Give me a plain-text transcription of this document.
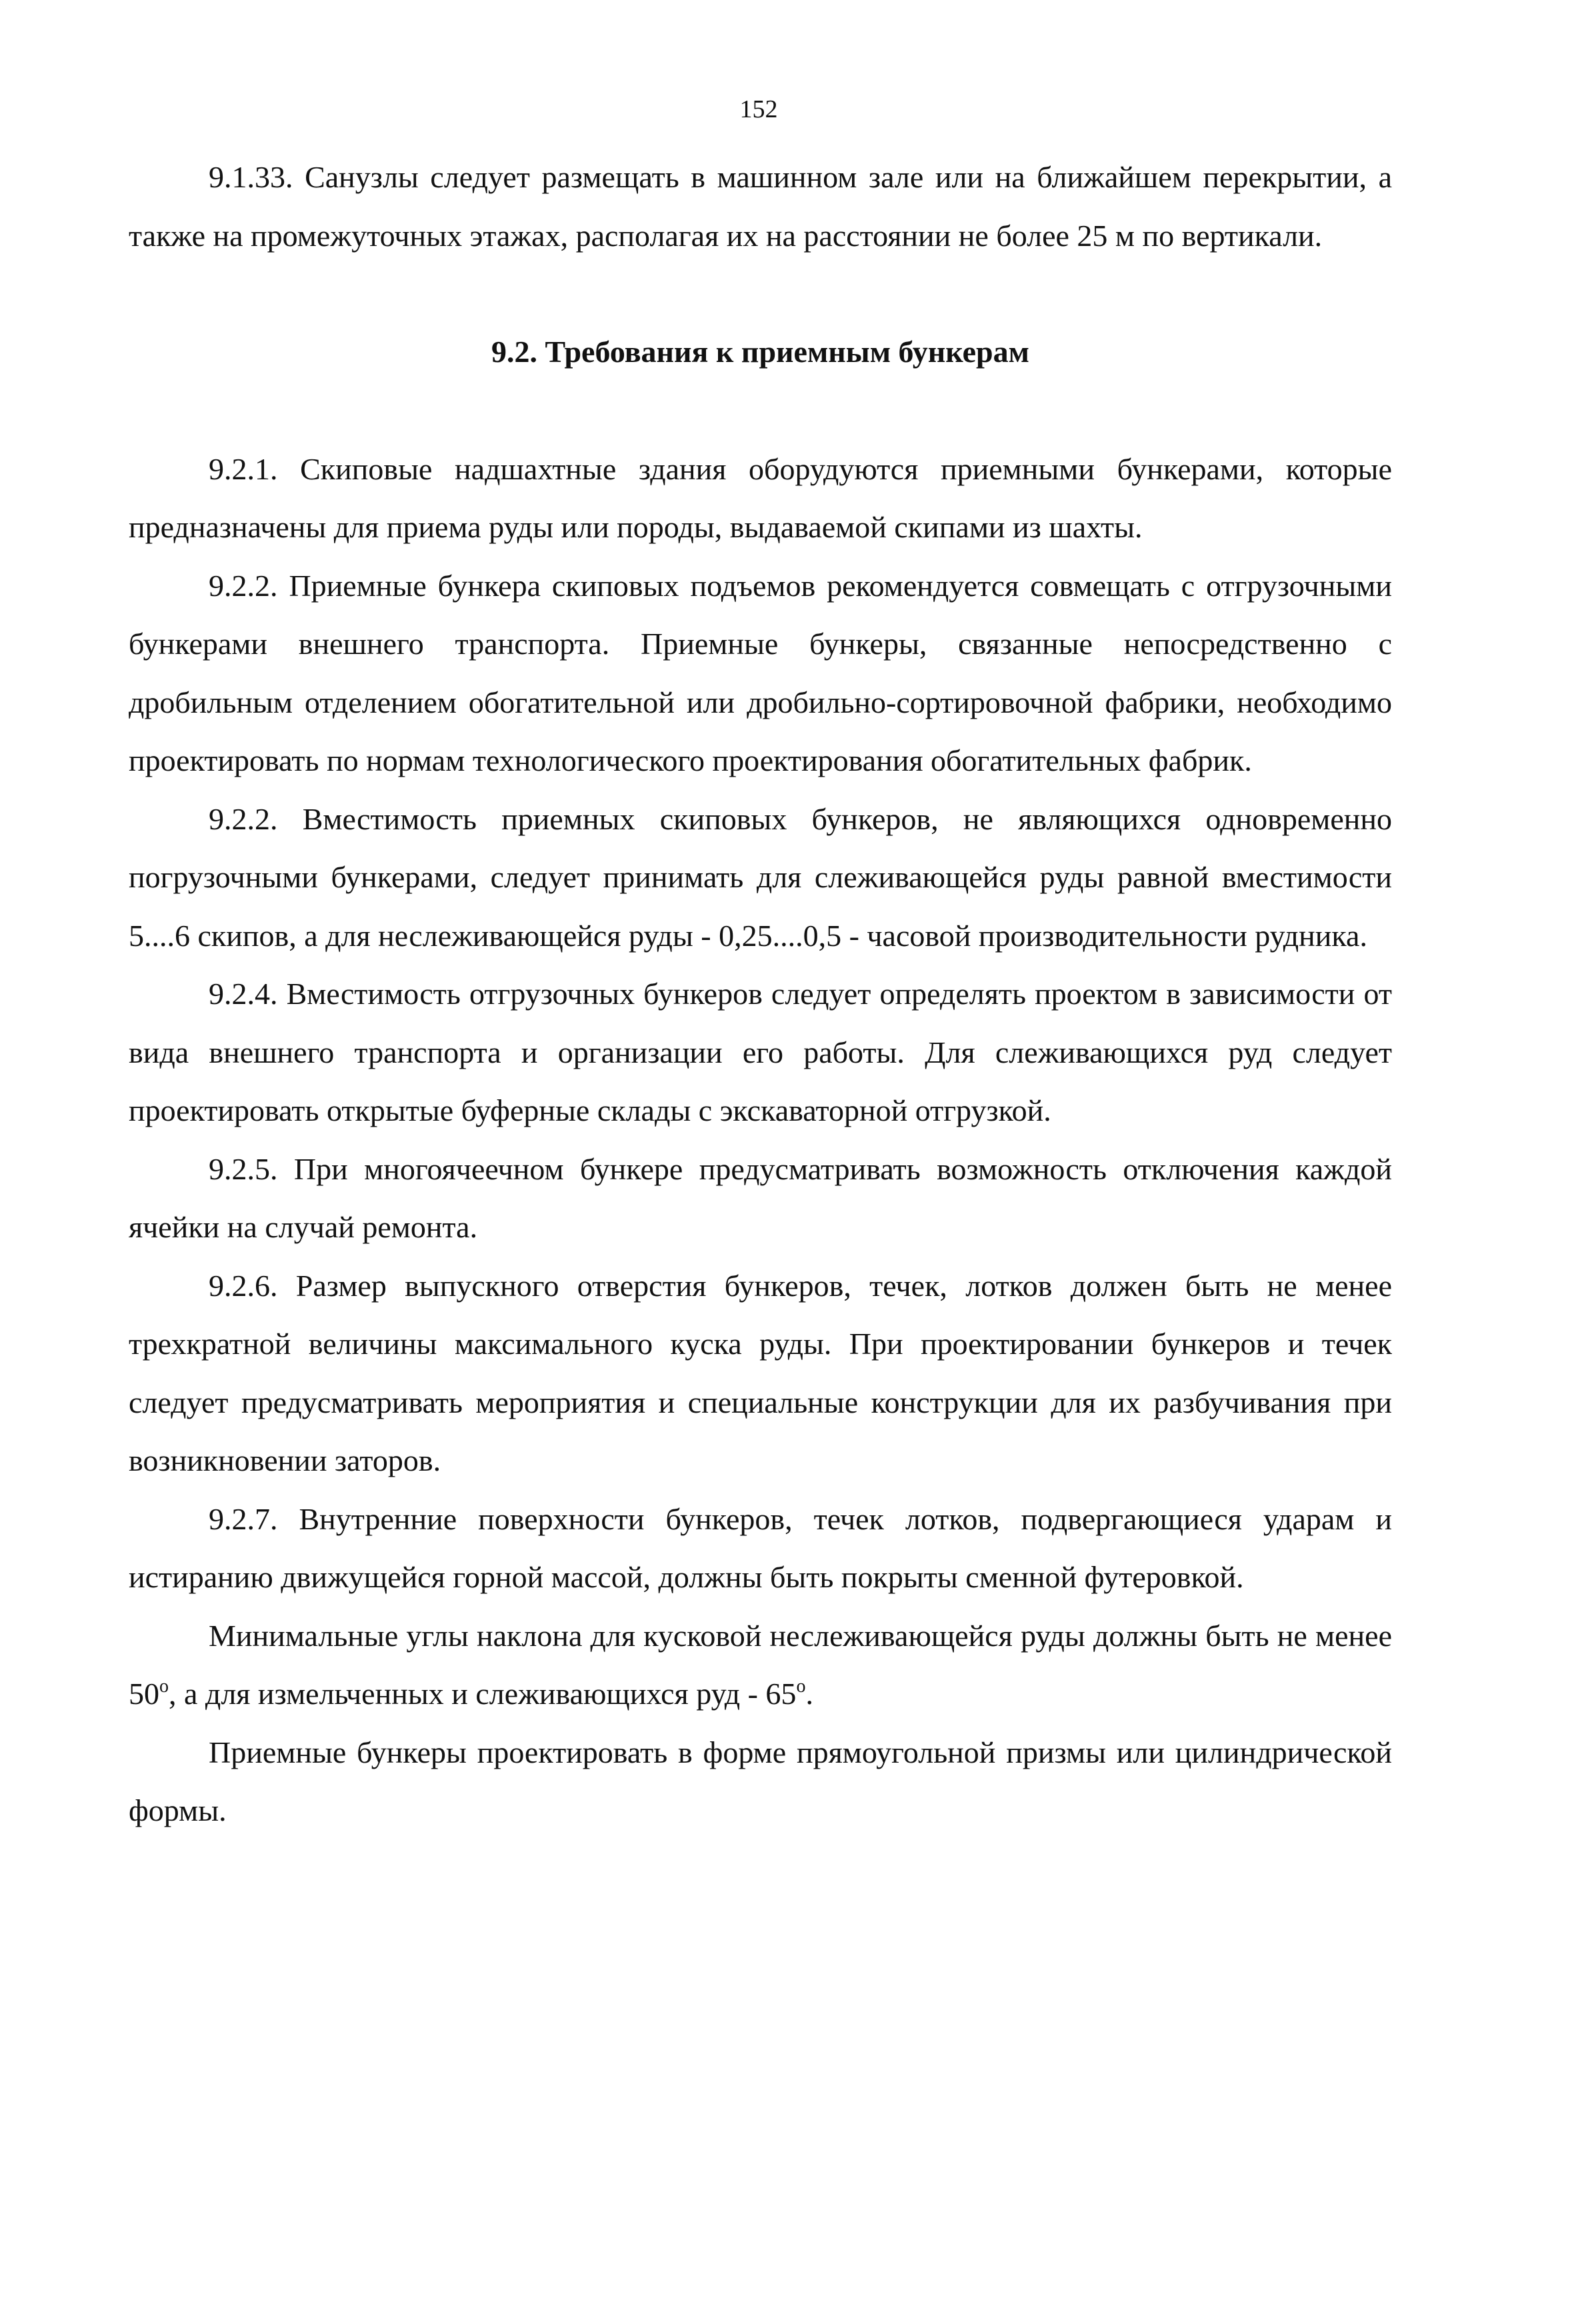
152

9.1.33. Санузлы следует размещать в машинном зале или на ближайшем перекрытии, а также на промежуточных этажах, располагая их на расстоянии не более 25 м по вертикали.

9.2. Требования к приемным бункерам

9.2.1. Скиповые надшахтные здания оборудуются приемными бункерами, которые предназначены для приема руды или породы, выдаваемой скипами из шахты.

9.2.2. Приемные бункера скиповых подъемов рекомендуется совмещать с отгрузочными бункерами внешнего транспорта. Приемные бункеры, связанные непосредственно с дробильным отделением обогатительной или дробильно-сортировочной фабрики, необходимо проектировать по нормам технологического проектирования обогатительных фабрик.

9.2.2. Вместимость приемных скиповых бункеров, не являющихся одновременно погрузочными бункерами, следует принимать для слеживающейся руды равной вместимости 5....6 скипов, а для неслеживающейся руды - 0,25....0,5 - часовой производительности рудника.

9.2.4. Вместимость отгрузочных бункеров следует определять проектом в зависимости от вида внешнего транспорта и организации его работы. Для слеживающихся руд следует проектировать открытые буферные склады с экскаваторной отгрузкой.

9.2.5. При многоячеечном бункере предусматривать возможность отключения каждой ячейки на случай ремонта.

9.2.6. Размер выпускного отверстия бункеров, течек, лотков должен быть не менее трехкратной величины максимального куска руды. При проектировании бункеров и течек следует предусматривать мероприятия и специальные конструкции для их разбучивания при возникновении заторов.

9.2.7. Внутренние поверхности бункеров, течек лотков, подвергающиеся ударам и истиранию движущейся горной массой, должны быть покрыты сменной футеровкой.

Минимальные углы наклона для кусковой неслеживающейся руды должны быть не менее 50$^o$, а для измельченных и слеживающихся руд - 65$^o$.

Приемные бункеры проектировать в форме прямоугольной призмы или цилиндрической формы.
